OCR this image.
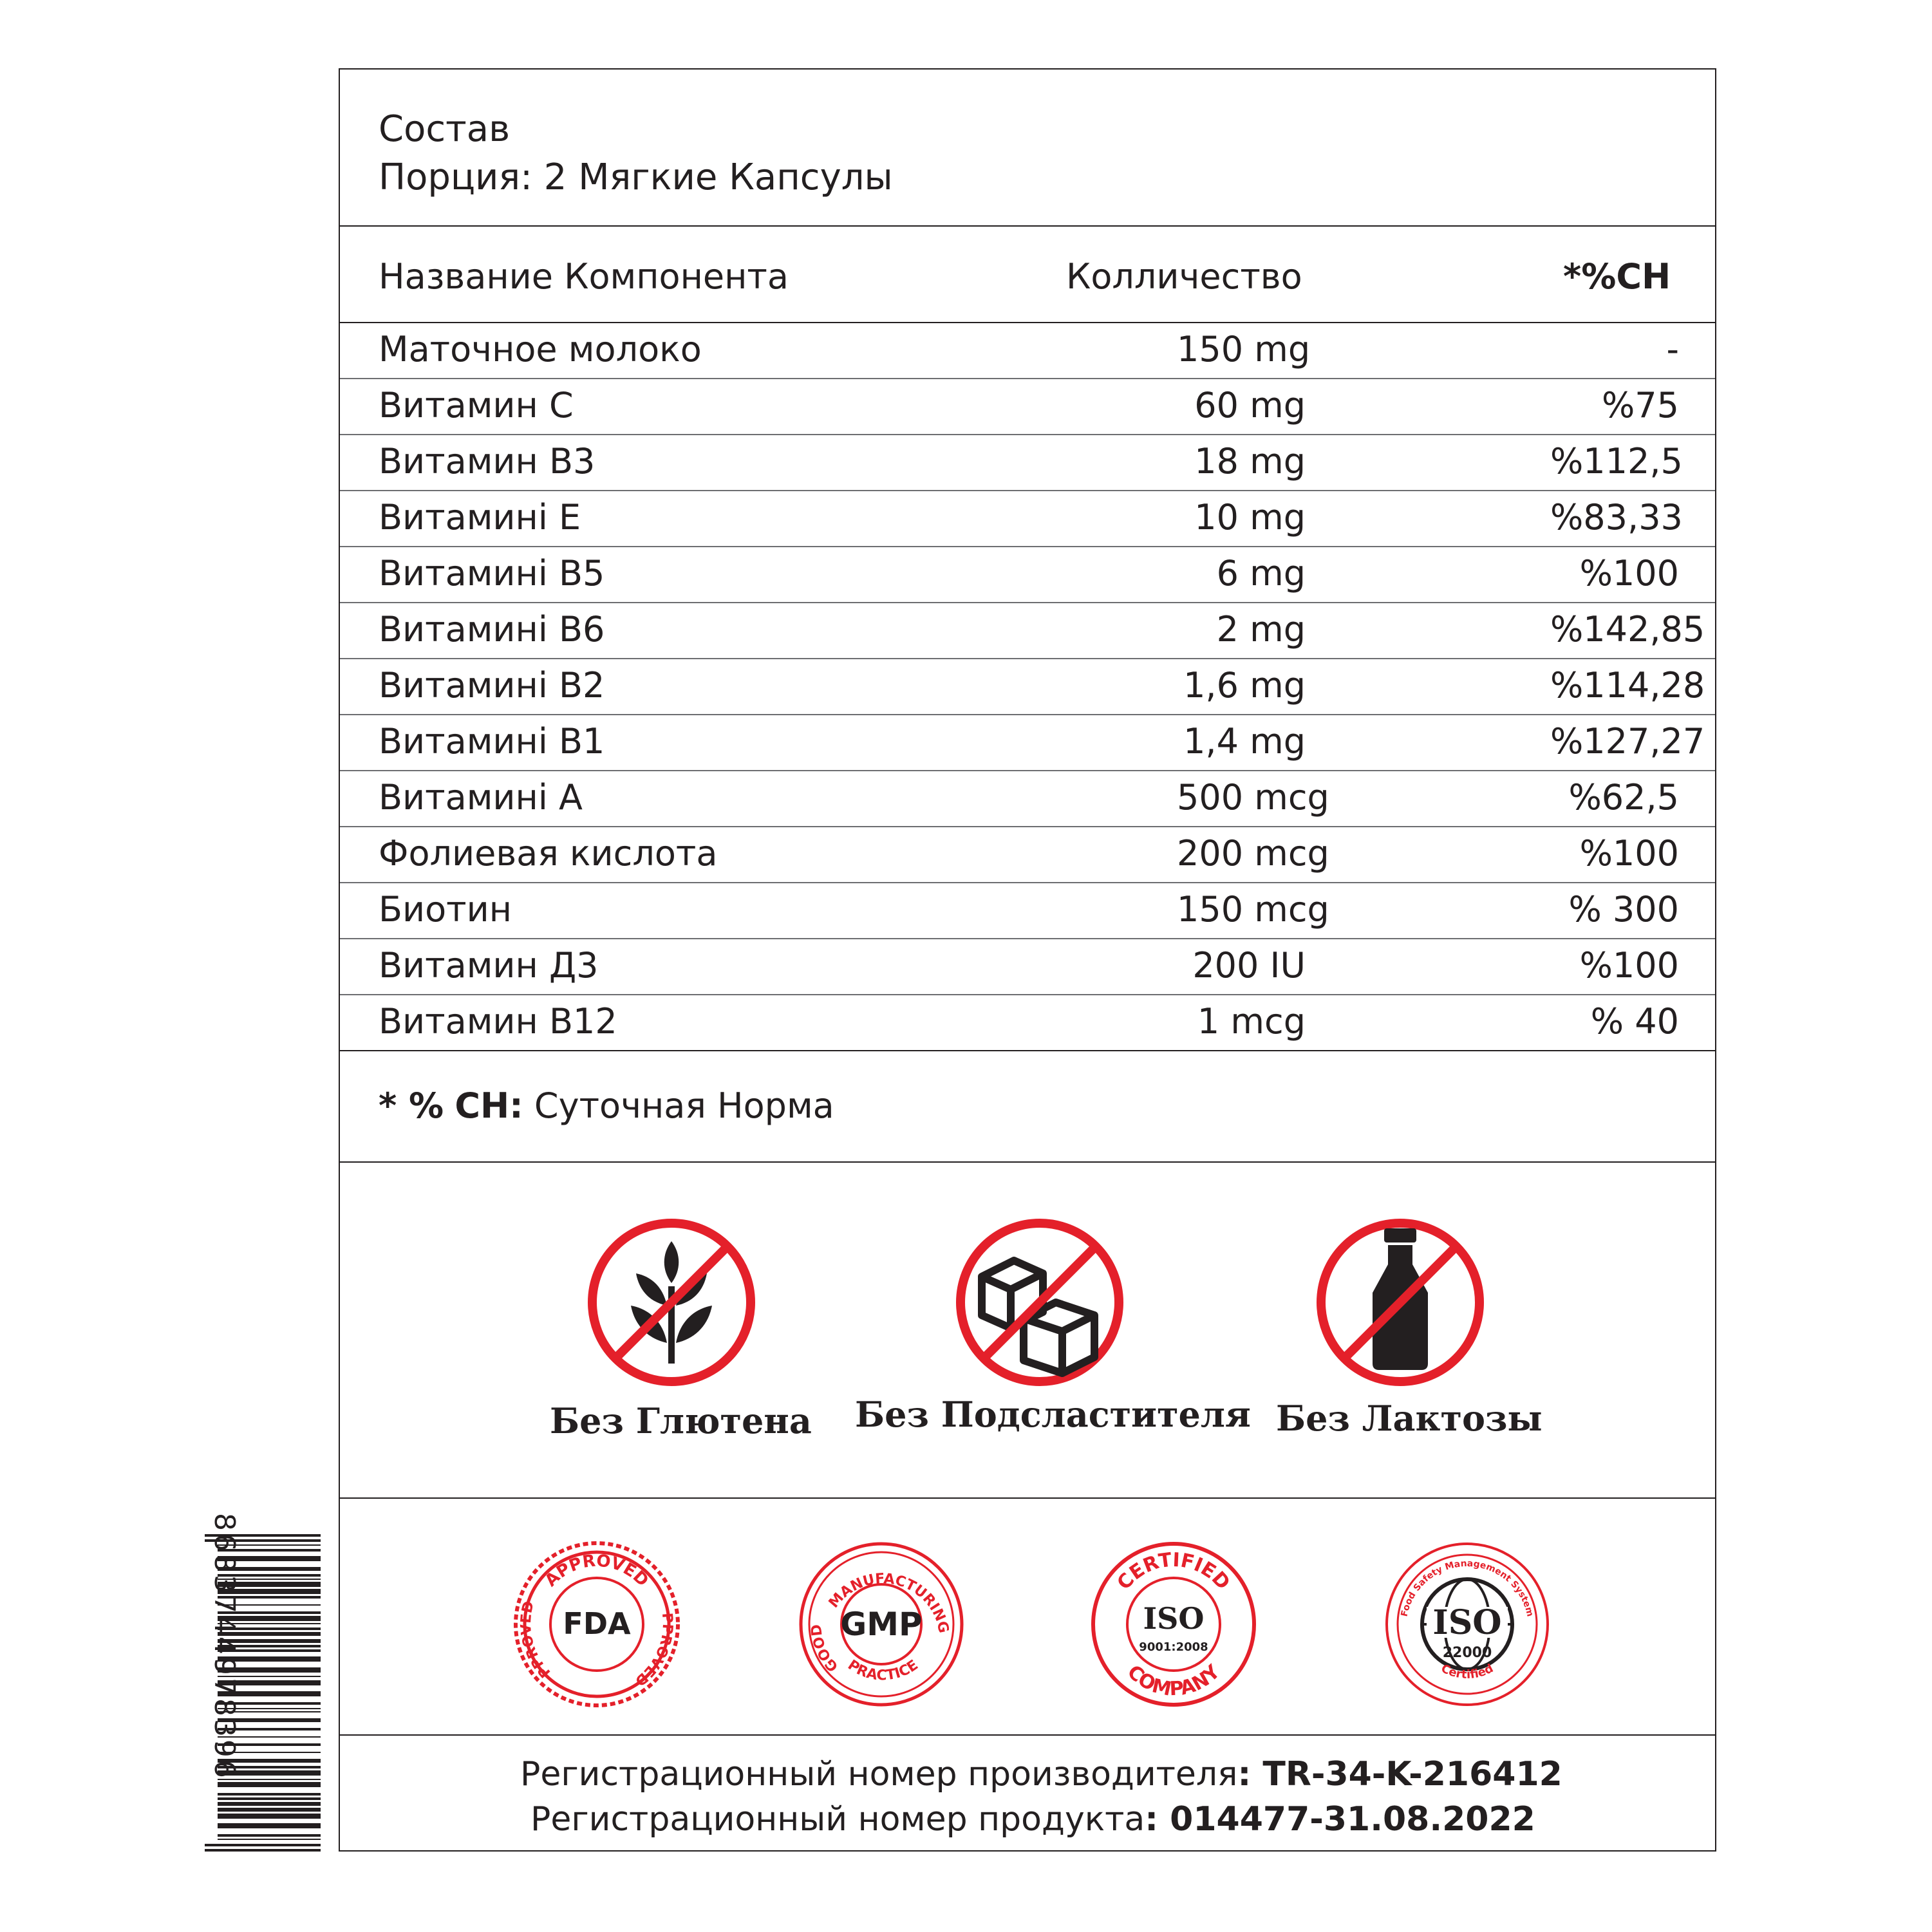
8683744978396
Состав
Порция: 2 Мягкие Капсулы
Название Компонента	Колличество	*%СН
Маточное молоко	150 mg	-
Витамин C	60 mg	%75
Витамин B3	18 mg	%112,5
Витамині E	10 mg	%83,33
Витамині B5	6 mg	%100
Витамині B6	2 mg	%142,85
Витамині B2	1,6 mg	%114,28
Витамині B1	1,4 mg	%127,27
Витамині A	500 mcg	%62,5
Фолиевая кислота	200 mcg	%100
Биотин	150 mcg	% 300
Витамин Д3	200 IU	%100
Витамин B12	1 mcg	% 40
* % СН: Суточная Норма
Без Глютена Без Подсластителя Без Лактозы
APPROVED
PPROVED
PPROVED
FDA
MANUFACTURING
GOOD
PRACTICE
GMP
CERTIFIED
COMPANY
ISO
9001:2008
Food Safety Management System
ISO
22000
Certified
Регистрационный номер производителя: TR-34-K-216412
Регистрационный номер продукта: 014477-31.08.2022
